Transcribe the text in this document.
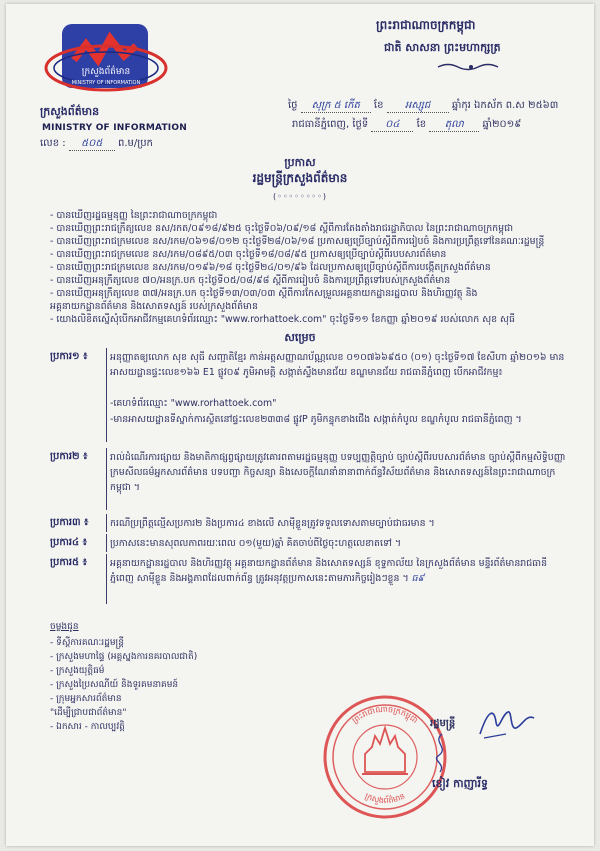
ក្រសួងព័ត៌មាន
MINISTRY OF INFORMATION
ក្រសួងព័ត៌មាន
MINISTRY OF INFORMATION
លេខ : ៥០៥ ព.ម/ប្រក
ព្រះរាជាណាចក្រកម្ពុជា
ជាតិ សាសនា ព្រះមហាក្សត្រ
ថ្ងៃ សុក្រ ៥ កើត ខែ អស្សុជ ឆ្នាំកុរ ឯកស័ក ព.ស ២៥៦៣
រាជធានីភ្នំពេញ, ថ្ងៃទី ០៤ ខែ តុលា ឆ្នាំ២០១៩
ប្រកាស
រដ្ឋមន្ត្រីក្រសួងព័ត៌មាន
(◦◦◦◦◦◦◦◦)
- បានឃើញរដ្ឋធម្មនុញ្ញ នៃព្រះរាជាណាចក្រកម្ពុជា
- បានឃើញព្រះរាជក្រឹត្យលេខ នស/រកត/០៩១៨/៩២៥ ចុះថ្ងៃទី០៦/០៩/១៨ ស្តីពីការតែងតាំងរាជរដ្ឋាភិបាល នៃព្រះរាជាណាចក្រកម្ពុជា
- បានឃើញព្រះរាជក្រមលេខ នស/រកម/០៦១៨/០១២ ចុះថ្ងៃទី២៨/០៦/១៨ ប្រកាសឲ្យប្រើច្បាប់ស្តីពីការរៀបចំ និងការប្រព្រឹត្តទៅនៃគណៈរដ្ឋមន្ត្រី
- បានឃើញព្រះរាជក្រមលេខ នស/រកម/០៨៩៥/០៣ ចុះថ្ងៃទី១៨/០៨/៩៥ ប្រកាសឲ្យប្រើច្បាប់ស្តីពីរបបសារព័ត៌មាន
- បានឃើញព្រះរាជក្រមលេខ នស/រកម/០១៩៦/១៨ ចុះថ្ងៃទី២៤/០១/៩៦ ដែលប្រកាសឲ្យប្រើច្បាប់ស្តីពីការបង្កើតក្រសួងព័ត៌មាន
- បានឃើញអនុក្រឹត្យលេខ ៧០/អនក្រ.បក ចុះថ្ងៃទី០៥/០៨/៩៨ ស្តីពីការរៀបចំ និងការប្រព្រឹត្តទៅរបស់ក្រសួងព័ត៌មាន
- បានឃើញអនុក្រឹត្យលេខ ៣៧/អនក្រ.បក ចុះថ្ងៃទី១៣/០៣/០៣ ស្តីពីការកែសម្រួលអគ្គនាយកដ្ឋានរដ្ឋបាល និងហិរញ្ញវត្ថុ និង
អគ្គនាយកដ្ឋានព័ត៌មាន និងសោតទស្សន៍ របស់ក្រសួងព័ត៌មាន
- យោងលិខិតស្នើសុំបើកអាជីវកម្មគេហទំព័រឈ្មោះ "www.rorhattoek.com" ចុះថ្ងៃទី១១ ខែកញ្ញា ឆ្នាំ២០១៩ របស់លោក សុខ សុធី
សម្រេច
ប្រការ១ ៖	អនុញ្ញាតឲ្យលោក សុខ សុធី សញ្ជាតិខ្មែរ កាន់អត្តសញ្ញាណប័ណ្ណលេខ ០១០៧៦៦៩៥០ (០១) ចុះថ្ងៃទី១៧ ខែសីហា ឆ្នាំ២០១៦ មានអាសយដ្ឋានផ្ទះលេខ១៦៦ E1 ផ្លូវ០៩ ភូមិអាមត្តិ សង្កាត់ស្ទឹងមានជ័យ ខណ្ឌមានជ័យ រាជធានីភ្នំពេញ បើកអាជីវកម្ម៖
-គេហទំព័រឈ្មោះ "www.rorhattoek.com"
-មានអាសយដ្ឋានទីស្នាក់ការស្ថិតនៅផ្ទះលេខ២៣៣៨ ផ្លូវP ភូមិកន្ទុកខាងជើង សង្កាត់កំបូល ខណ្ឌកំបូល រាជធានីភ្នំពេញ ។
ប្រការ២ ៖	រាល់ដំណើរការផ្សាយ និងមាតិកាផ្សព្វផ្សាយត្រូវគោរពតាមរដ្ឋធម្មនុញ្ញ បទប្បញ្ញត្តិច្បាប់ ច្បាប់ស្តីពីរបបសារព័ត៌មាន ច្បាប់ស្តីពីកម្មសិទ្ធិបញ្ញា ក្រមសីលធម៌អ្នកសារព័ត៌មាន បទបញ្ជា កិច្ចសន្យា និងសេចក្តីណែនាំនានាពាក់ព័ន្ធវិស័យព័ត៌មាន និងសោតទស្សន៍នៃព្រះរាជាណាចក្រកម្ពុជា ។
ប្រការ៣ ៖	ករណីប្រព្រឹត្តល្មើសប្រការ២ និងប្រការ៤ ខាងលើ សាម៉ីខ្លួនត្រូវទទួលទោសតាមច្បាប់ជាធរមាន ។
ប្រការ៤ ៖	ប្រកាសនេះមានសុពលភាពរយៈពេល ០១(មួយ)ឆ្នាំ គិតចាប់ពីថ្ងៃចុះហត្ថលេខាតទៅ ។
ប្រការ៥ ៖	អគ្គនាយកដ្ឋានរដ្ឋបាល និងហិរញ្ញវត្ថុ អគ្គនាយកដ្ឋានព័ត៌មាន និងសោតទស្សន៍ ខុទ្ទកាល័យ នៃក្រសួងព័ត៌មាន មន្ទីរព័ត៌មានរាជធានីភ្នំពេញ សាម៉ីខ្លួន និងអង្គភាពដែលពាក់ព័ន្ធ ត្រូវអនុវត្តប្រកាសនេះតាមភារកិច្ចរៀងៗខ្លួន ។ ធ៩
ចម្លងជូន
- ទីស្តីការគណៈរដ្ឋមន្ត្រី
- ក្រសួងមហាផ្ទៃ (អគ្គស្នងការនគរបាលជាតិ)
- ក្រសួងយុត្តិធម៌
- ក្រសួងប្រៃសណីយ៍ និងទូរគមនាគមន៍
- ក្រុមអ្នកសារព័ត៌មាន
"ដើម្បីជ្រាបជាព័ត៌មាន"
- ឯកសារ - កាលប្បវត្តិ
ព្រះរាជាណាចក្រកម្ពុជា
ក្រសួងព័ត៌មាន
រដ្ឋមន្ត្រី
ខៀវ កាញារីទ្ធ
